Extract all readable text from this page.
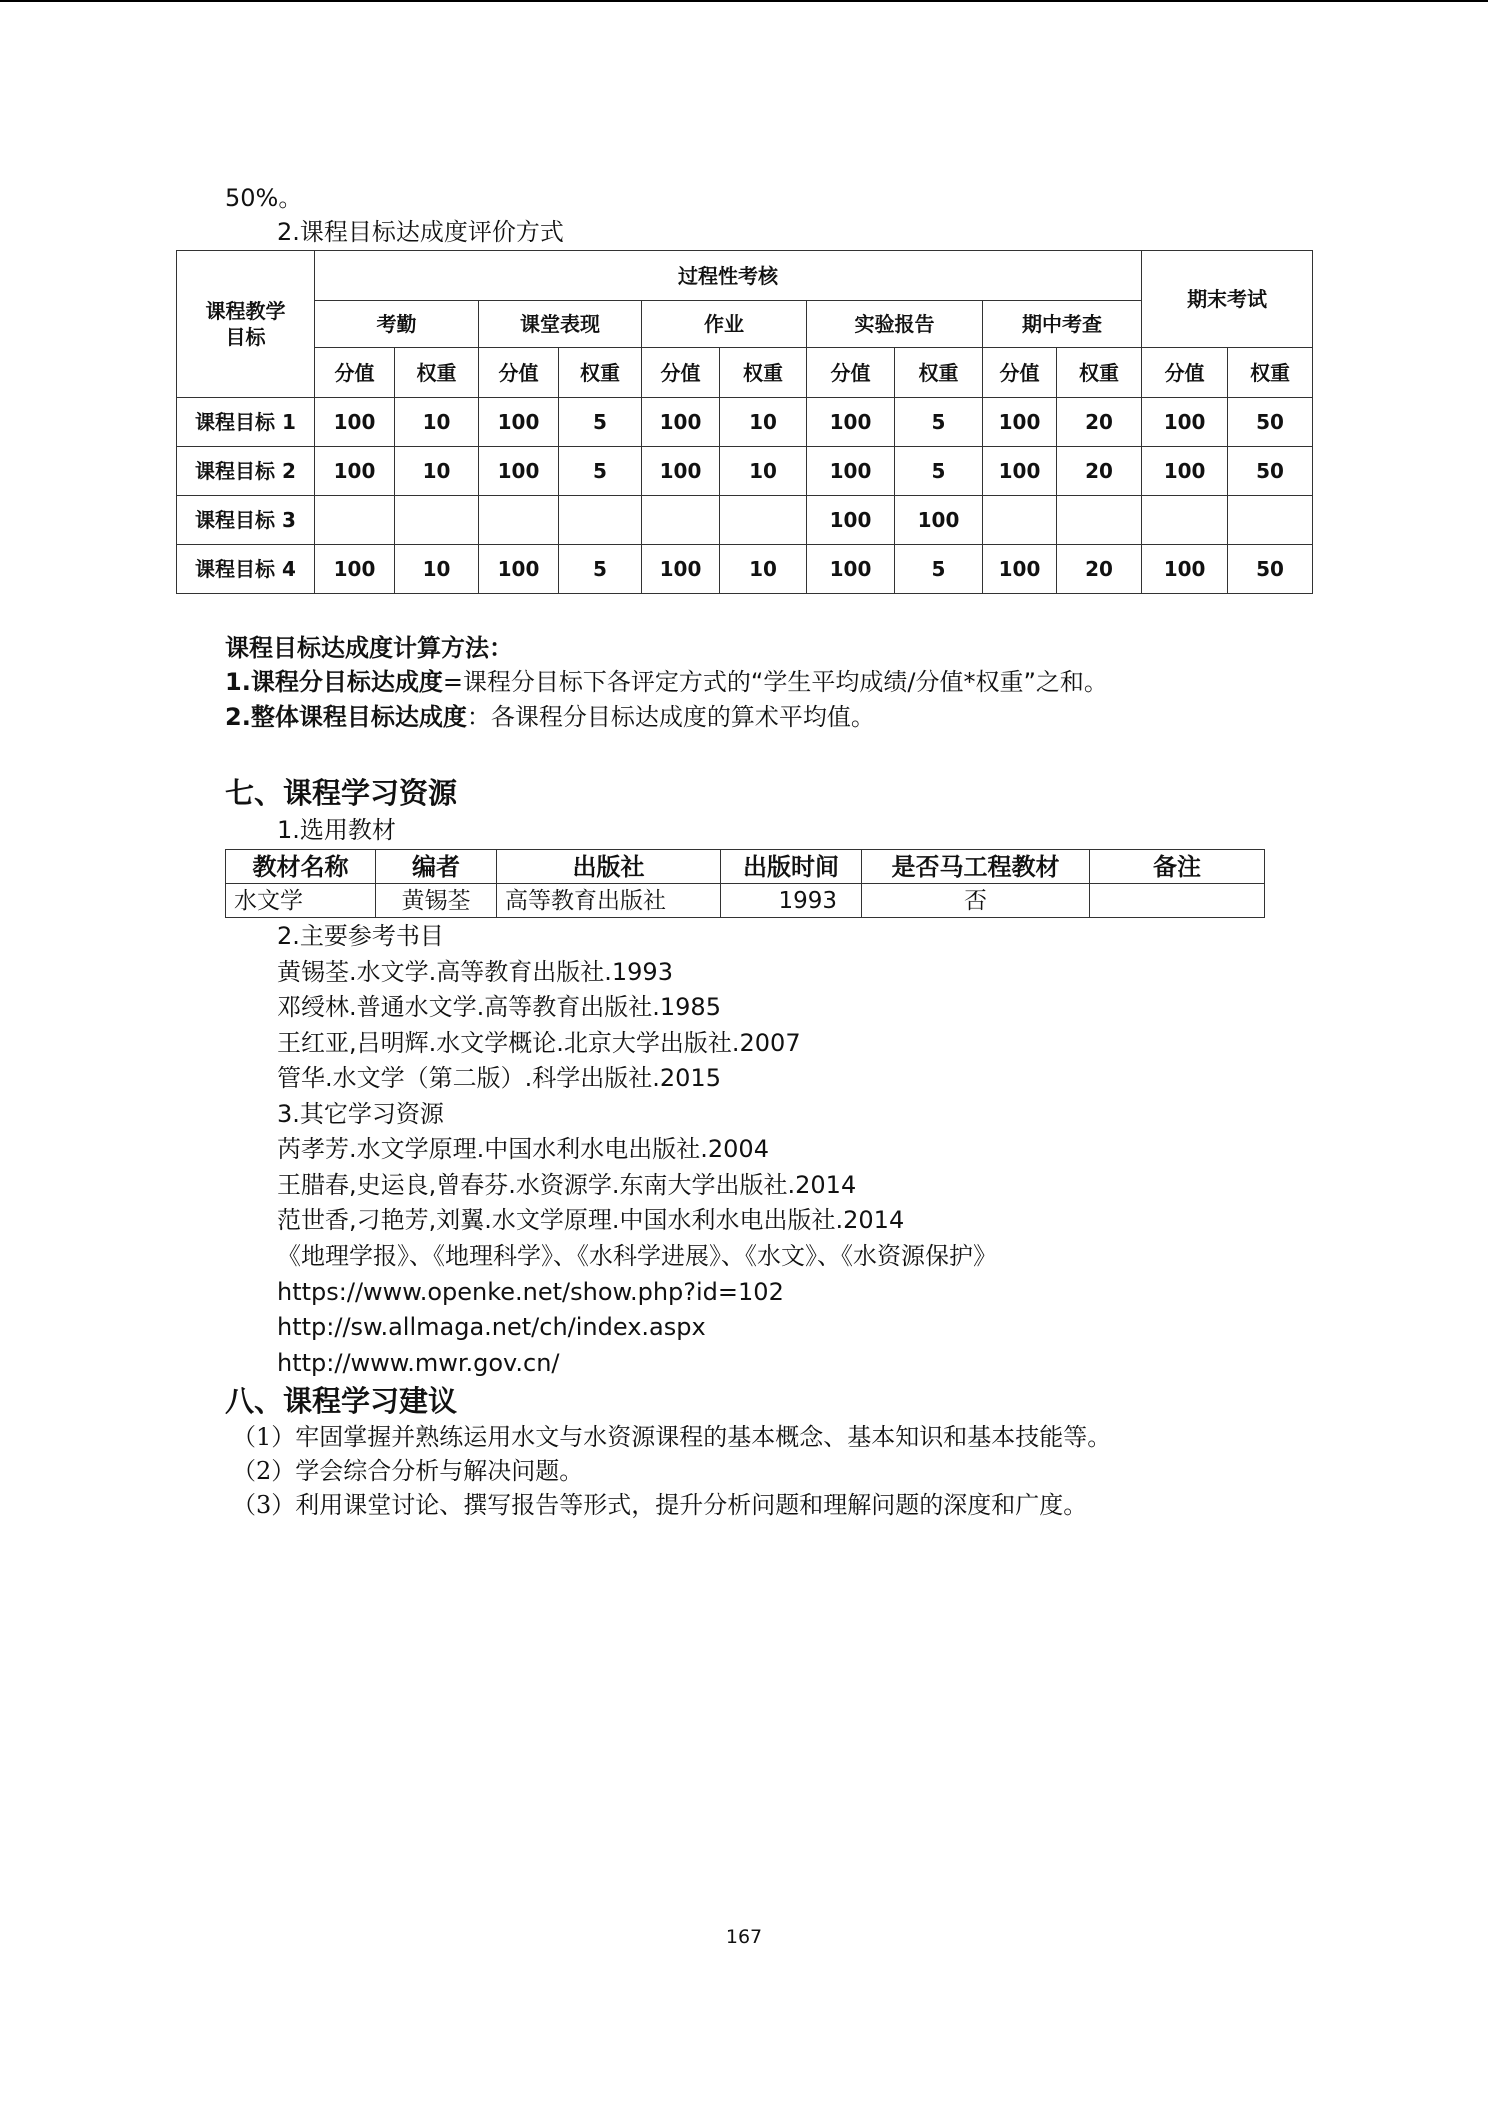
50%。
2.课程目标达成度评价方式
课程教学目标	过程性考核										期末考试	
	考勤		课堂表现		作业		实验报告		期中考查			
	分值	权重	分值	权重	分值	权重	分值	权重	分值	权重	分值	权重
课程目标 1	100	10	100	5	100	10	100	5	100	20	100	50
课程目标 2	100	10	100	5	100	10	100	5	100	20	100	50
课程目标 3							100	100				
课程目标 4	100	10	100	5	100	10	100	5	100	20	100	50
课程目标达成度计算方法：
1.课程分目标达成度=课程分目标下各评定方式的“学生平均成绩/分值*权重”之和。
2.整体课程目标达成度：各课程分目标达成度的算术平均值。
七、课程学习资源
1.选用教材
教材名称	编者	出版社	出版时间	是否马工程教材	备注
水文学	黄锡荃	高等教育出版社	1993	否	
2.主要参考书目
黄锡荃.水文学.高等教育出版社.1993
邓绶林.普通水文学.高等教育出版社.1985
王红亚,吕明辉.水文学概论.北京大学出版社.2007
管华.水文学（第二版）.科学出版社.2015
3.其它学习资源
芮孝芳.水文学原理.中国水利水电出版社.2004
王腊春,史运良,曾春芬.水资源学.东南大学出版社.2014
范世香,刁艳芳,刘翼.水文学原理.中国水利水电出版社.2014
《地理学报》、《地理科学》、《水科学进展》、《水文》、《水资源保护》
https://www.openke.net/show.php?id=102
http://sw.allmaga.net/ch/index.aspx
http://www.mwr.gov.cn/
八、课程学习建议
（1）牢固掌握并熟练运用水文与水资源课程的基本概念、基本知识和基本技能等。
（2）学会综合分析与解决问题。
（3）利用课堂讨论、撰写报告等形式，提升分析问题和理解问题的深度和广度。
167
